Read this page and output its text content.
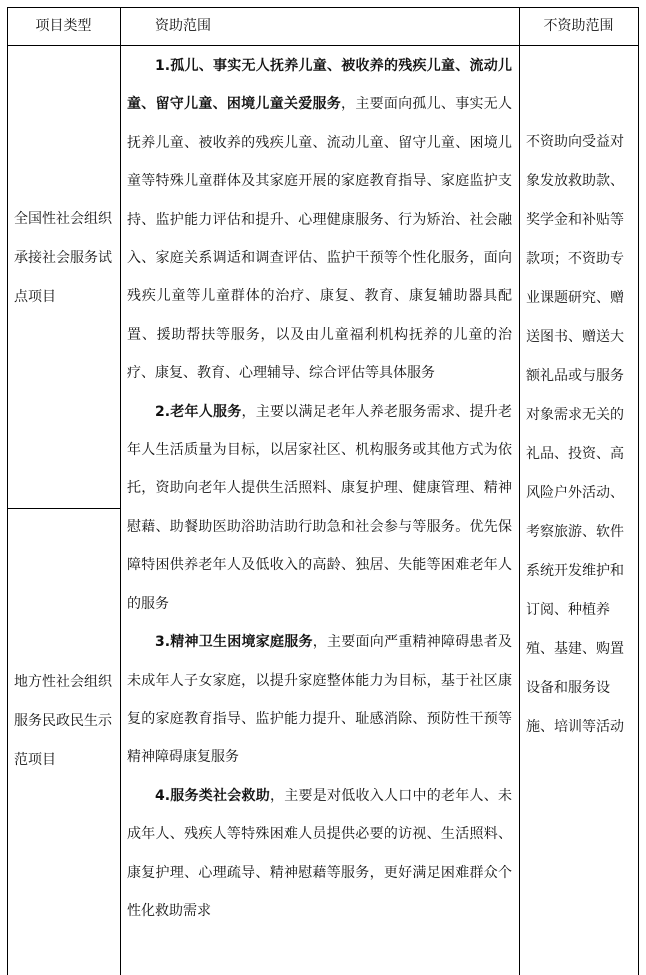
项目类型	资助范围	不资助范围
全国性社会组织承接社会服务试点项目
地方性社会组织服务民政民生示范项目

1.孤儿、事实无人抚养儿童、被收养的残疾儿童、流动儿童、留守儿童、困境儿童关爱服务，主要面向孤儿、事实无人抚养儿童、被收养的残疾儿童、流动儿童、留守儿童、困境儿童等特殊儿童群体及其家庭开展的家庭教育指导、家庭监护支持、监护能力评估和提升、心理健康服务、行为矫治、社会融入、家庭关系调适和调查评估、监护干预等个性化服务，面向残疾儿童等儿童群体的治疗、康复、教育、康复辅助器具配置、援助帮扶等服务，以及由儿童福利机构抚养的儿童的治疗、康复、教育、心理辅导、综合评估等具体服务

2.老年人服务，主要以满足老年人养老服务需求、提升老年人生活质量为目标，以居家社区、机构服务或其他方式为依托，资助向老年人提供生活照料、康复护理、健康管理、精神慰藉、助餐助医助浴助洁助行助急和社会参与等服务。优先保障特困供养老年人及低收入的高龄、独居、失能等困难老年人的服务

3.精神卫生困境家庭服务，主要面向严重精神障碍患者及未成年人子女家庭，以提升家庭整体能力为目标，基于社区康复的家庭教育指导、监护能力提升、耻感消除、预防性干预等精神障碍康复服务

4.服务类社会救助，主要是对低收入人口中的老年人、未成年人、残疾人等特殊困难人员提供必要的访视、生活照料、康复护理、心理疏导、精神慰藉等服务，更好满足困难群众个性化救助需求

不资助向受益对象发放救助款、奖学金和补贴等款项；不资助专业课题研究、赠送图书、赠送大额礼品或与服务对象需求无关的礼品、投资、高风险户外活动、考察旅游、软件系统开发维护和订阅、种植养殖、基建、购置设备和服务设施、培训等活动
